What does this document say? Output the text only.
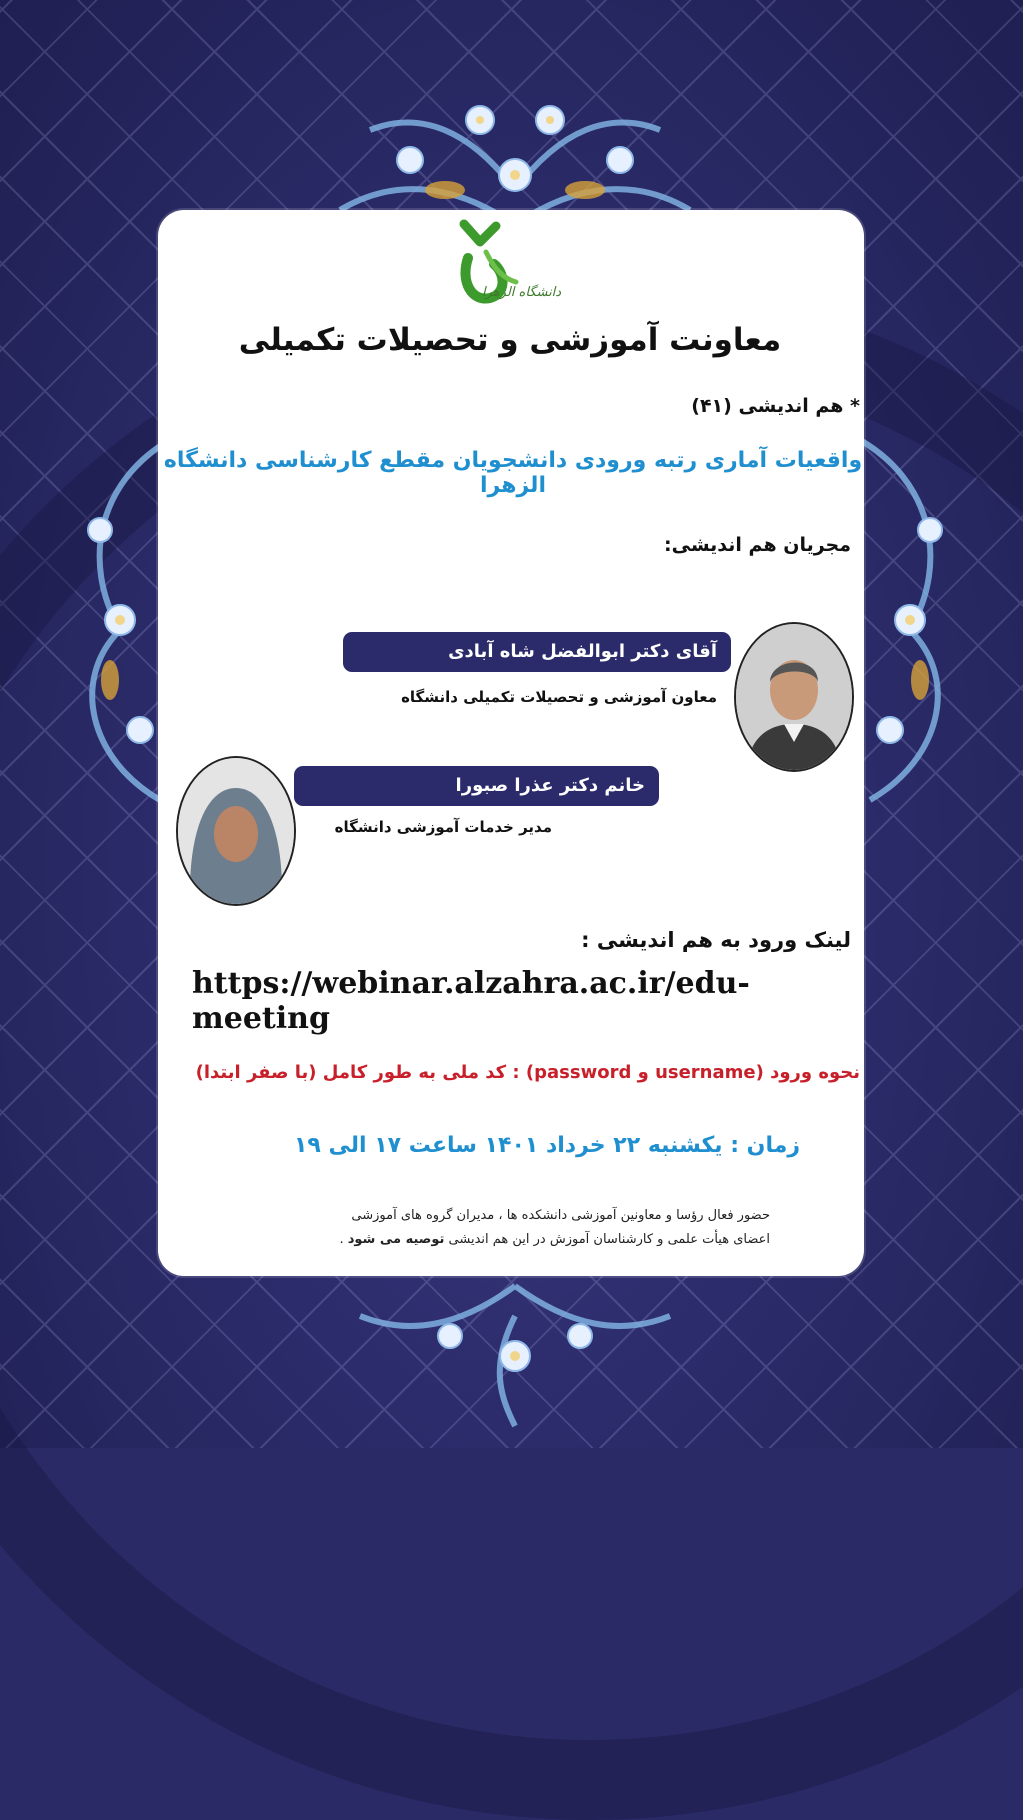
دانشگاه الزهرا
معاونت آموزشی و تحصیلات تکمیلی
* هم اندیشی (۴۱)
واقعیات آماری رتبه ورودی دانشجویان مقطع کارشناسی دانشگاه الزهرا
مجریان هم اندیشی:
آقای دکتر ابوالفضل شاه آبادی
معاون آموزشی و تحصیلات تکمیلی دانشگاه
خانم دکتر عذرا صبورا
مدیر خدمات آموزشی دانشگاه
لینک ورود به هم اندیشی :
https://webinar.alzahra.ac.ir/edu-meeting
نحوه ورود (username و password) : کد ملی به طور کامل (با صفر ابتدا)
زمان : یکشنبه ۲۲ خرداد ۱۴۰۱ ساعت ۱۷ الی ۱۹
حضور فعال رؤسا و معاونین آموزشی دانشکده ها ، مدیران گروه های آموزشی
اعضای هیأت علمی و کارشناسان آموزش در این هم اندیشی توصیه می شود .
